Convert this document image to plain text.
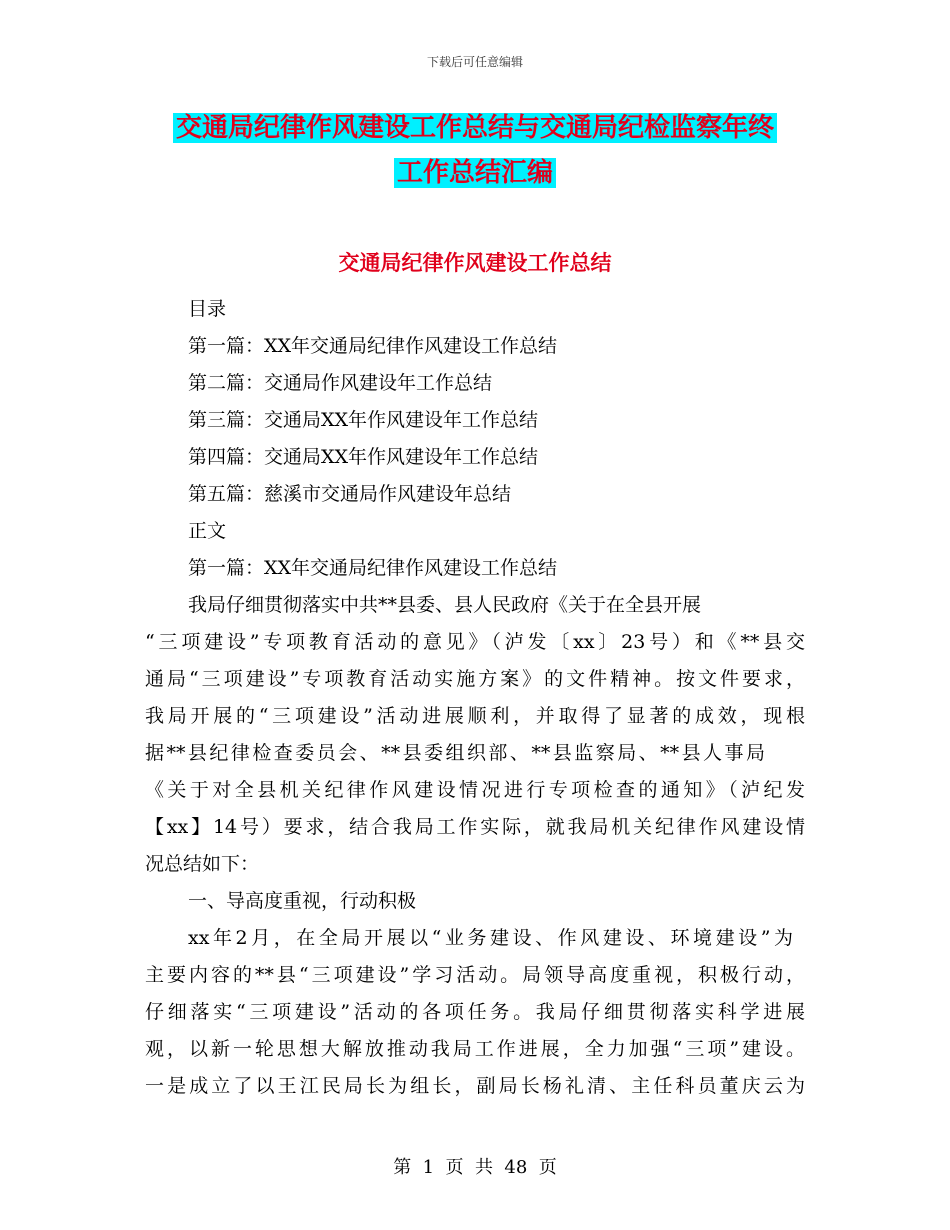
下载后可任意编辑
交通局纪律作风建设工作总结与交通局纪检监察年终
工作总结汇编
交通局纪律作风建设工作总结
目录
第一篇：XX年交通局纪律作风建设工作总结
第二篇：交通局作风建设年工作总结
第三篇：交通局XX年作风建设年工作总结
第四篇：交通局XX年作风建设年工作总结
第五篇：慈溪市交通局作风建设年总结
正文
第一篇：XX年交通局纪律作风建设工作总结
我局仔细贯彻落实中共**县委、县人民政府《关于在全县开展
“三项建设”专项教育活动的意见》（泸发〔xx〕23号）和《**县交
通局“三项建设”专项教育活动实施方案》的文件精神。按文件要求，
我局开展的“三项建设”活动进展顺利，并取得了显著的成效，现根
据**县纪律检查委员会、**县委组织部、**县监察局、**县人事局
《关于对全县机关纪律作风建设情况进行专项检查的通知》（泸纪发
【xx】14号）要求，结合我局工作实际，就我局机关纪律作风建设情
况总结如下：
一、导高度重视，行动积极
xx年2月，在全局开展以“业务建设、作风建设、环境建设”为
主要内容的**县“三项建设”学习活动。局领导高度重视，积极行动，
仔细落实“三项建设”活动的各项任务。我局仔细贯彻落实科学进展
观，以新一轮思想大解放推动我局工作进展，全力加强“三项”建设。
一是成立了以王江民局长为组长，副局长杨礼清、主任科员董庆云为
第  1  页  共  48  页
